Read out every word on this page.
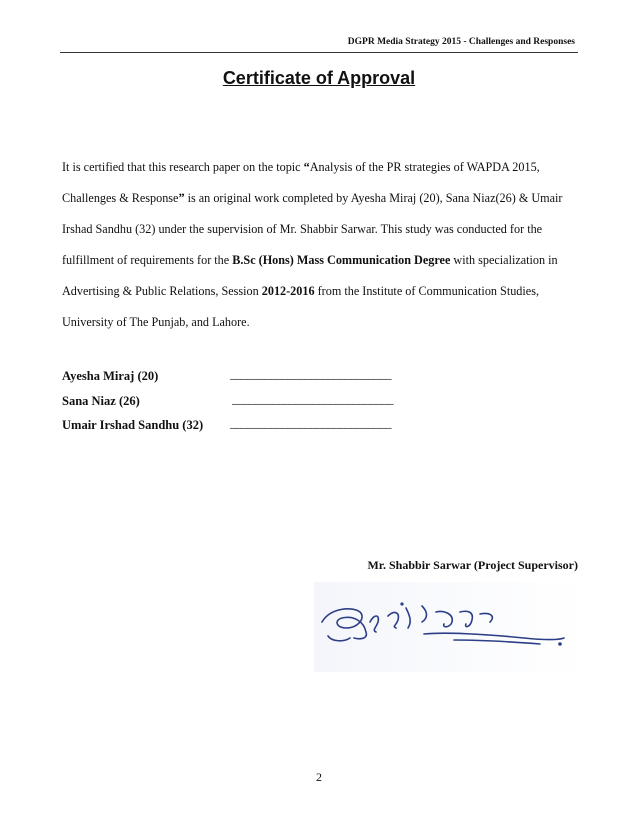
DGPR Media Strategy 2015 - Challenges and Responses
Certificate of Approval
It is certified that this research paper on the topic “Analysis of the PR strategies of WAPDA 2015,
Challenges & Response” is an original work completed by Ayesha Miraj (20), Sana Niaz(26) & Umair
Irshad Sandhu (32) under the supervision of Mr. Shabbir Sarwar. This study was conducted for the
fulfillment of requirements for the B.Sc (Hons) Mass Communication Degree with specialization in
Advertising & Public Relations, Session 2012-2016 from the Institute of Communication Studies,
University of The Punjab, and Lahore.
Ayesha Miraj (20)	____________________________
Sana Niaz (26)	____________________________
Umair Irshad Sandhu (32) ____________________________
Mr. Shabbir Sarwar (Project Supervisor)
2
